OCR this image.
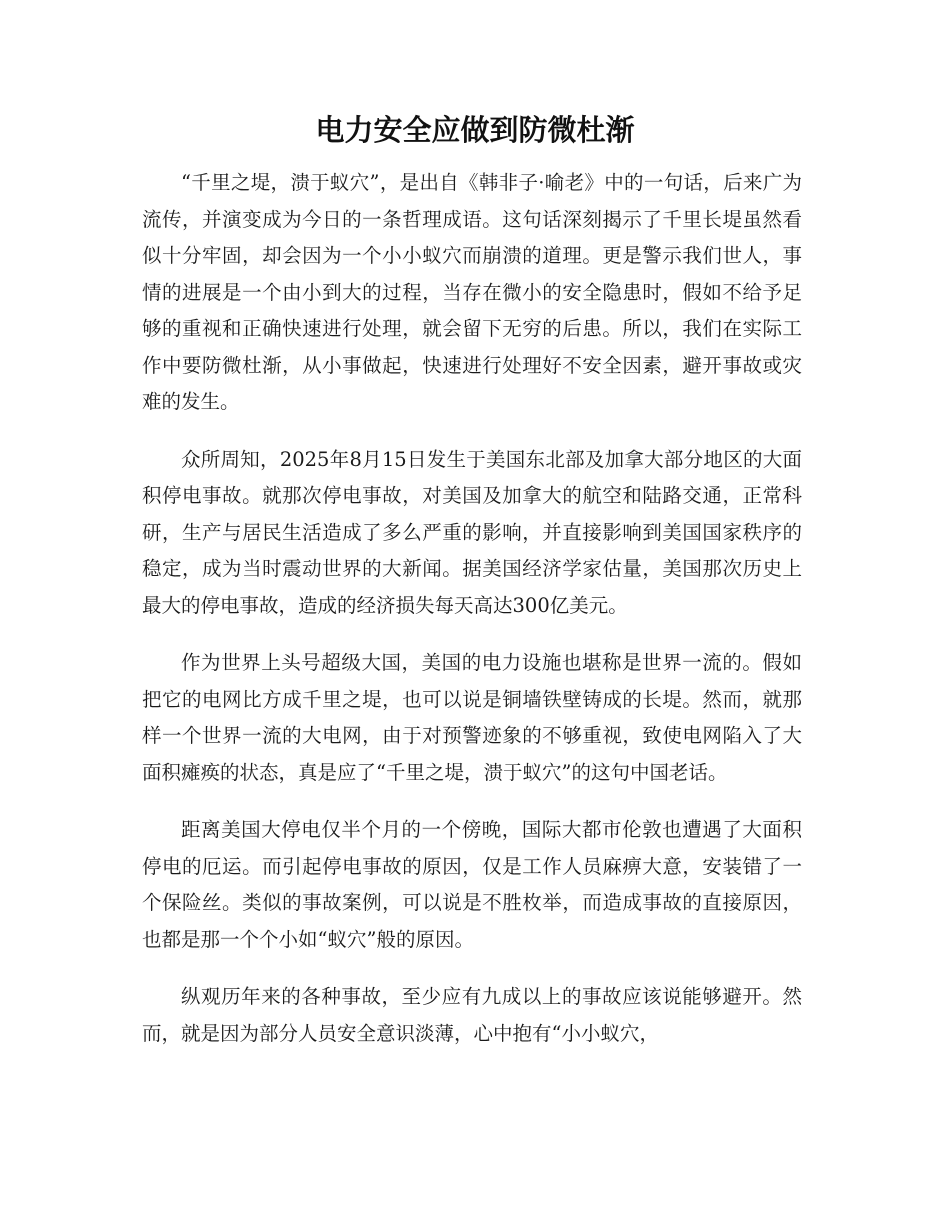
电力安全应做到防微杜渐

“千里之堤，溃于蚁穴”，是出自《韩非子·喻老》中的一句话，后来广为流传，并演变成为今日的一条哲理成语。这句话深刻揭示了千里长堤虽然看似十分牢固，却会因为一个小小蚁穴而崩溃的道理。更是警示我们世人，事情的进展是一个由小到大的过程，当存在微小的安全隐患时，假如不给予足够的重视和正确快速进行处理，就会留下无穷的后患。所以，我们在实际工作中要防微杜渐，从小事做起，快速进行处理好不安全因素，避开事故或灾难的发生。

众所周知，2025年8月15日发生于美国东北部及加拿大部分地区的大面积停电事故。就那次停电事故，对美国及加拿大的航空和陆路交通，正常科研，生产与居民生活造成了多么严重的影响，并直接影响到美国国家秩序的稳定，成为当时震动世界的大新闻。据美国经济学家估量，美国那次历史上最大的停电事故，造成的经济损失每天高达300亿美元。

作为世界上头号超级大国，美国的电力设施也堪称是世界一流的。假如把它的电网比方成千里之堤，也可以说是铜墙铁壁铸成的长堤。然而，就那样一个世界一流的大电网，由于对预警迹象的不够重视，致使电网陷入了大面积瘫痪的状态，真是应了“千里之堤，溃于蚁穴”的这句中国老话。

距离美国大停电仅半个月的一个傍晚，国际大都市伦敦也遭遇了大面积停电的厄运。而引起停电事故的原因，仅是工作人员麻痹大意，安装错了一个保险丝。类似的事故案例，可以说是不胜枚举，而造成事故的直接原因，也都是那一个个小如“蚁穴”般的原因。

纵观历年来的各种事故，至少应有九成以上的事故应该说能够避开。然而，就是因为部分人员安全意识淡薄，心中抱有“小小蚁穴，
